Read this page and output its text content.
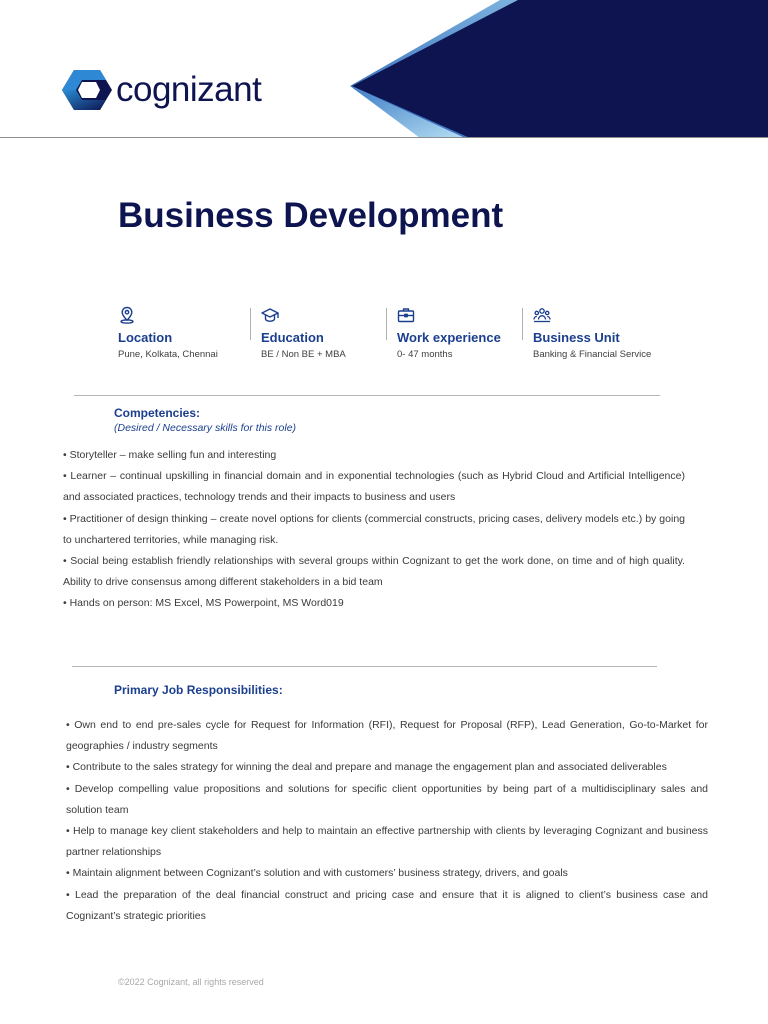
cognizant
Business Development
Location
Pune, Kolkata, Chennai
Education
BE / Non BE + MBA
Work experience
0- 47 months
Business Unit
Banking & Financial Service
Competencies:
(Desired / Necessary skills for this role)
• Storyteller – make selling fun and interesting
• Learner – continual upskilling in financial domain and in exponential technologies (such as Hybrid Cloud and Artificial Intelligence) and associated practices, technology trends and their impacts to business and users
• Practitioner of design thinking – create novel options for clients (commercial constructs, pricing cases, delivery models etc.) by going to unchartered territories, while managing risk.
• Social being establish friendly relationships with several groups within Cognizant to get the work done, on time and of high quality. Ability to drive consensus among different stakeholders in a bid team
• Hands on person: MS Excel, MS Powerpoint, MS Word019
Primary Job Responsibilities:
• Own end to end pre-sales cycle for Request for Information (RFI), Request for Proposal (RFP), Lead Generation, Go-to-Market for geographies / industry segments
• Contribute to the sales strategy for winning the deal and prepare and manage the engagement plan and associated deliverables
• Develop compelling value propositions and solutions for specific client opportunities by being part of a multidisciplinary sales and solution team
• Help to manage key client stakeholders and help to maintain an effective partnership with clients by leveraging Cognizant and business partner relationships
• Maintain alignment between Cognizant’s solution and with customers’ business strategy, drivers, and goals
• Lead the preparation of the deal financial construct and pricing case and ensure that it is aligned to client’s business case and Cognizant’s strategic priorities
©2022 Cognizant, all rights reserved
